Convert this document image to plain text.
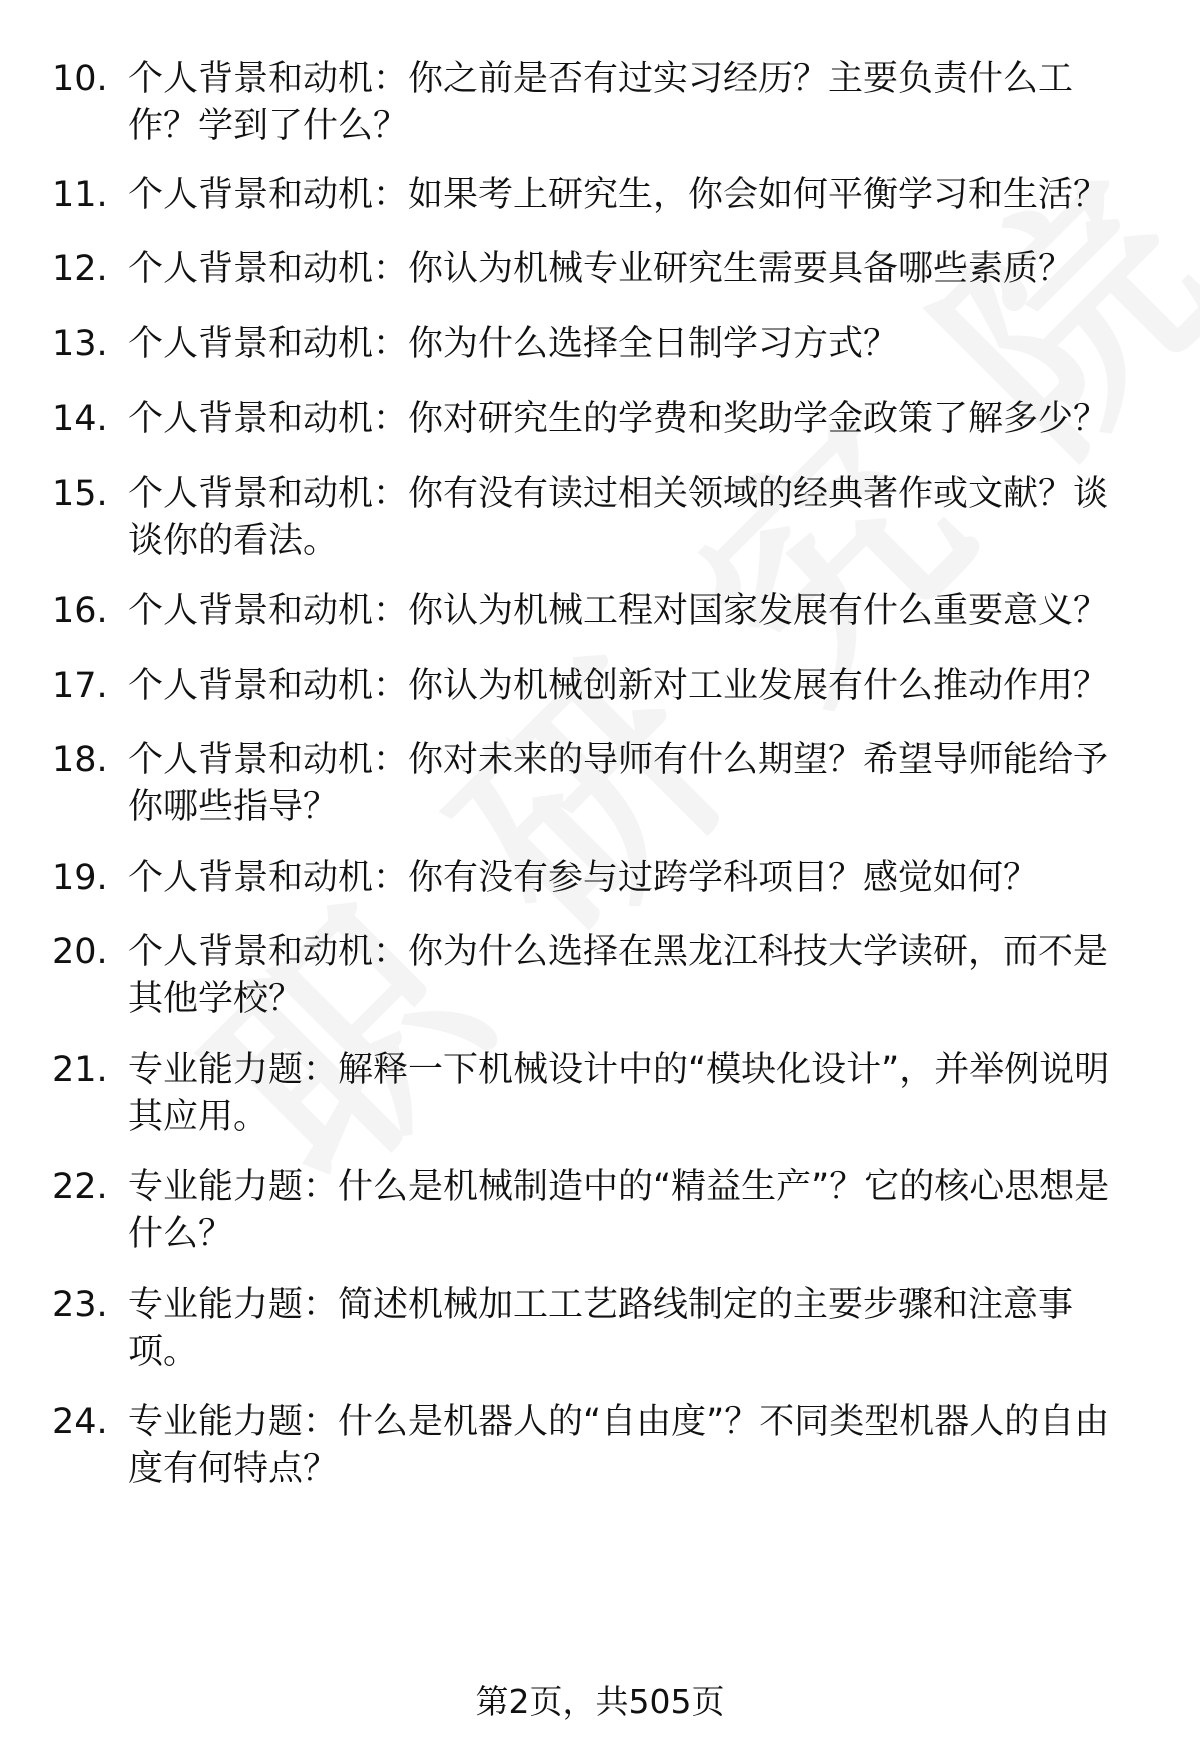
10. 个人背景和动机：你之前是否有过实习经历？主要负责什么工作？学到了什么？
11. 个人背景和动机：如果考上研究生，你会如何平衡学习和生活？
12. 个人背景和动机：你认为机械专业研究生需要具备哪些素质？
13. 个人背景和动机：你为什么选择全日制学习方式？
14. 个人背景和动机：你对研究生的学费和奖助学金政策了解多少？
15. 个人背景和动机：你有没有读过相关领域的经典著作或文献？谈谈你的看法。
16. 个人背景和动机：你认为机械工程对国家发展有什么重要意义？
17. 个人背景和动机：你认为机械创新对工业发展有什么推动作用？
18. 个人背景和动机：你对未来的导师有什么期望？希望导师能给予你哪些指导？
19. 个人背景和动机：你有没有参与过跨学科项目？感觉如何？
20. 个人背景和动机：你为什么选择在黑龙江科技大学读研，而不是其他学校？
21. 专业能力题：解释一下机械设计中的“模块化设计”，并举例说明其应用。
22. 专业能力题：什么是机械制造中的“精益生产”？它的核心思想是什么？
23. 专业能力题：简述机械加工工艺路线制定的主要步骤和注意事项。
24. 专业能力题：什么是机器人的“自由度”？不同类型机器人的自由度有何特点？
第2页，共505页
